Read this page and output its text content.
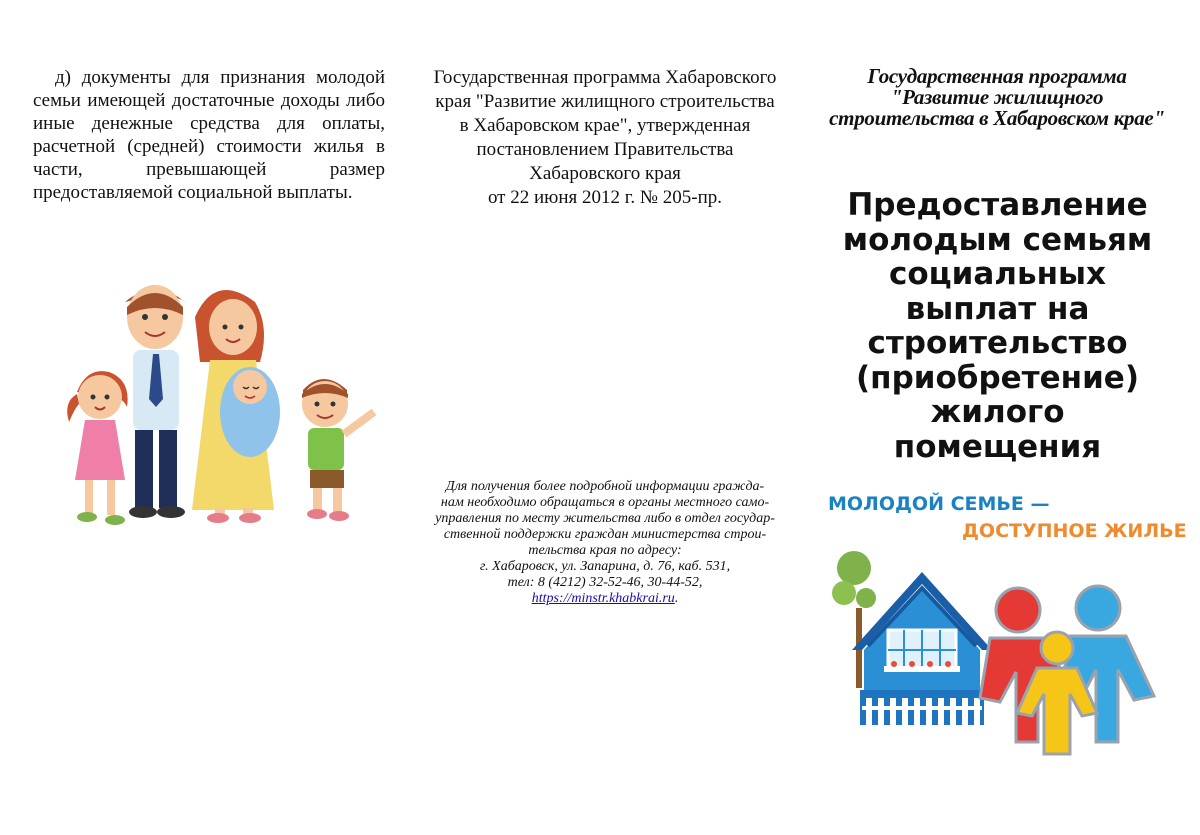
д) документы для признания молодой семьи имеющей достаточные доходы либо иные денежные средства для оплаты, расчетной (средней) стоимости жилья в части, превышающей размер предоставляемой социальной выплаты.
Государственная программа Хабаровского
края "Развитие жилищного строительства
в Хабаровском крае", утвержденная
постановлением Правительства
Хабаровского края
от 22 июня 2012 г. № 205-пр.
Для получения более подробной информации гражда-
нам необходимо обращаться в органы местного само-
управления по месту жительства либо в отдел государ-
ственной поддержки граждан министерства строи-
тельства края по адресу:
г. Хабаровск, ул. Запарина, д. 76, каб. 531,
тел: 8 (4212) 32-52-46, 30-44-52,
https://minstr.khabkrai.ru.
Государственная программа
"Развитие жилищного
строительства в Хабаровском крае"
Предоставление
молодым семьям
социальных
выплат на
строительство
(приобретение)
жилого
помещения
МОЛОДОЙ СЕМЬЕ —
ДОСТУПНОЕ ЖИЛЬЕ
